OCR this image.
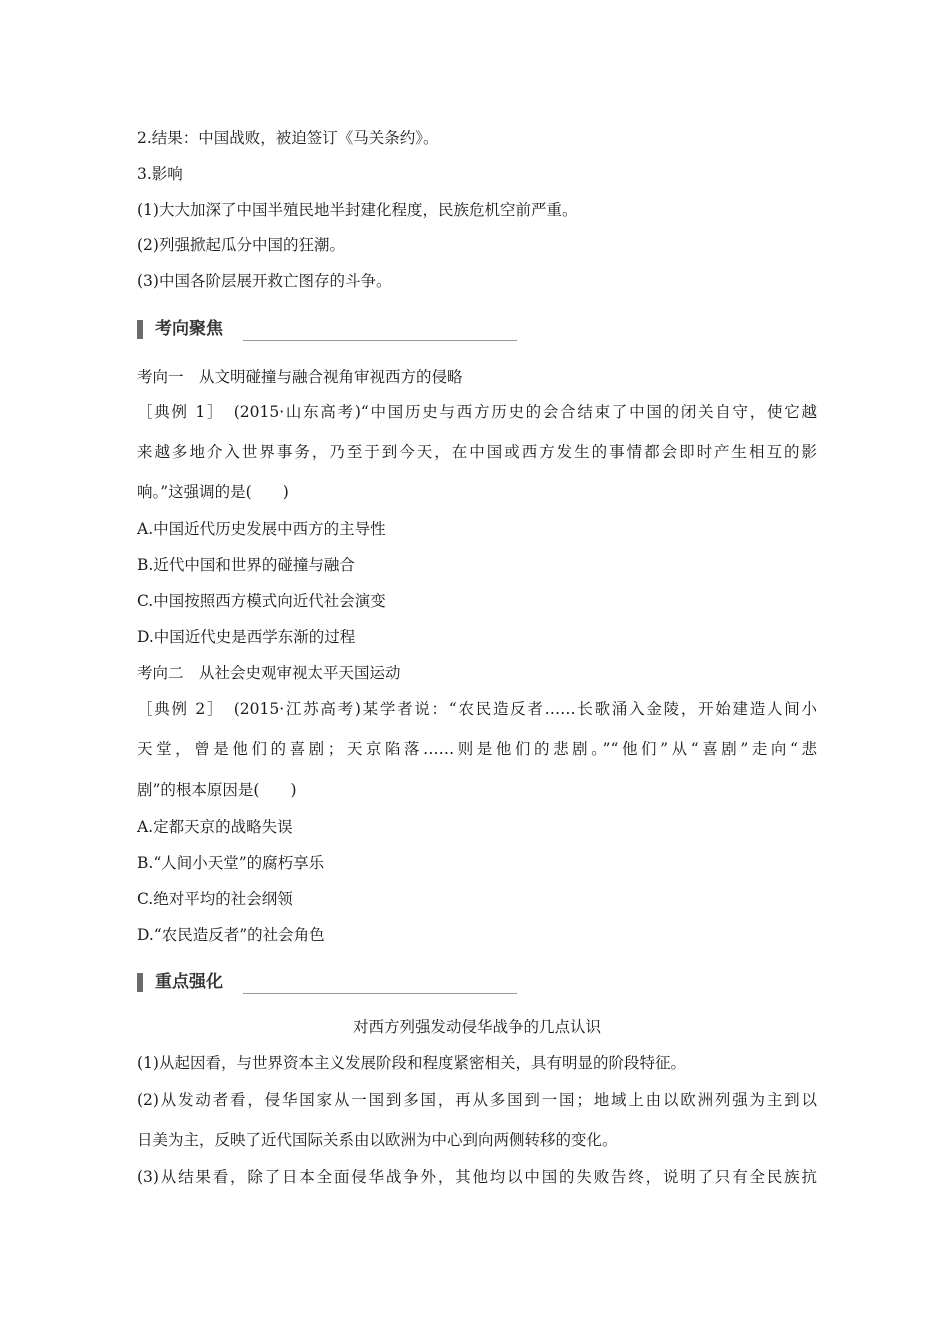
2.结果：中国战败，被迫签订《马关条约》。
3.影响
(1)大大加深了中国半殖民地半封建化程度，民族危机空前严重。
(2)列强掀起瓜分中国的狂潮。
(3)中国各阶层展开救亡图存的斗争。
考向聚焦
考向一　从文明碰撞与融合视角审视西方的侵略
［典例 1］　(2015·山东高考)“中国历史与西方历史的会合结束了中国的闭关自守，使它越
来越多地介入世界事务，乃至于到今天，在中国或西方发生的事情都会即时产生相互的影
响。”这强调的是(　　)
A.中国近代历史发展中西方的主导性
B.近代中国和世界的碰撞与融合
C.中国按照西方模式向近代社会演变
D.中国近代史是西学东渐的过程
考向二　从社会史观审视太平天国运动
［典例 2］　(2015·江苏高考)某学者说：“农民造反者……长歌涌入金陵，开始建造人间小
天堂，曾是他们的喜剧；天京陷落……则是他们的悲剧。”“他们”从“喜剧”走向“悲
剧”的根本原因是(　　)
A.定都天京的战略失误
B.“人间小天堂”的腐朽享乐
C.绝对平均的社会纲领
D.“农民造反者”的社会角色
重点强化
对西方列强发动侵华战争的几点认识
(1)从起因看，与世界资本主义发展阶段和程度紧密相关，具有明显的阶段特征。
(2)从发动者看，侵华国家从一国到多国，再从多国到一国；地域上由以欧洲列强为主到以
日美为主，反映了近代国际关系由以欧洲为中心到向两侧转移的变化。
(3)从结果看，除了日本全面侵华战争外，其他均以中国的失败告终，说明了只有全民族抗
